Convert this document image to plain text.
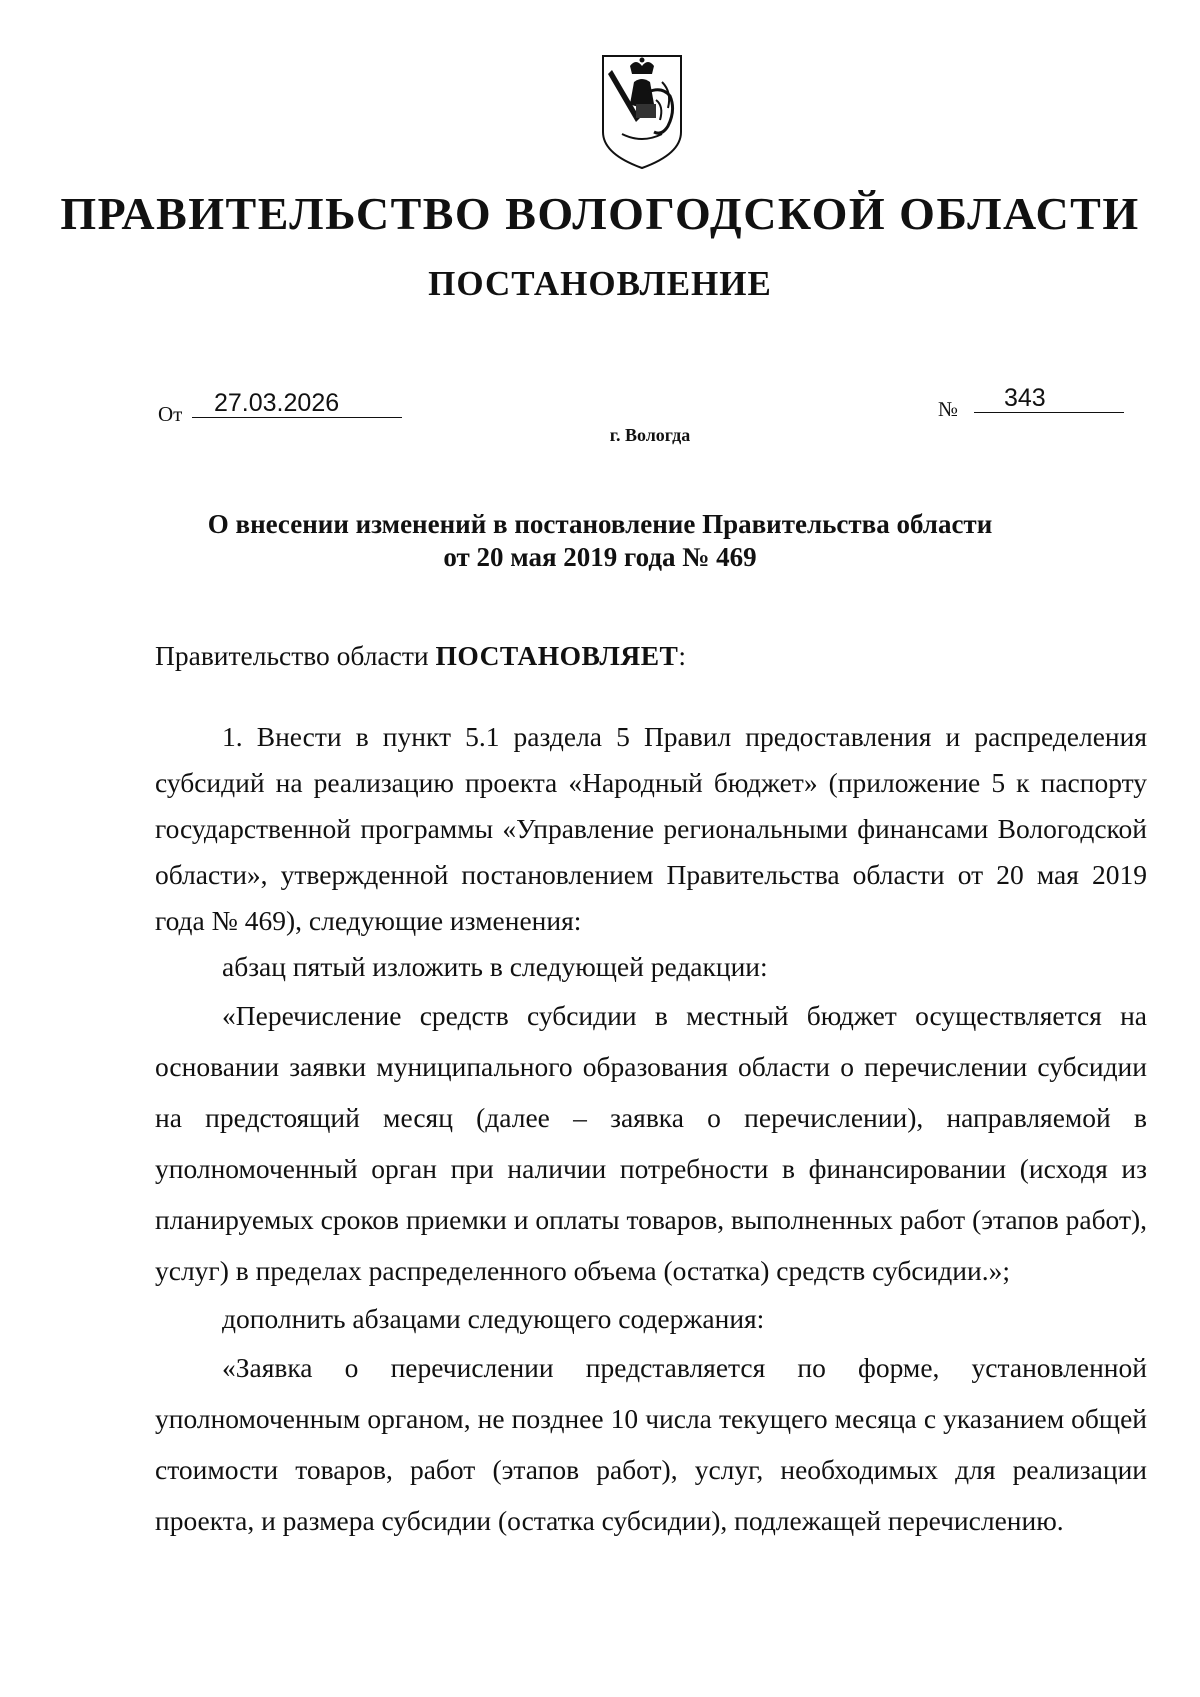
ПРАВИТЕЛЬСТВО ВОЛОГОДСКОЙ ОБЛАСТИ
ПОСТАНОВЛЕНИЕ
От	27.03.2026	№	343
г. Вологда
О внесении изменений в постановление Правительства области
от 20 мая 2019 года № 469

Правительство области ПОСТАНОВЛЯЕТ:

1. Внести в пункт 5.1 раздела 5 Правил предоставления и распределения субсидий на реализацию проекта «Народный бюджет» (приложение 5 к паспорту государственной программы «Управление региональными финансами Вологодской области», утвержденной постановлением Правительства области от 20 мая 2019 года № 469), следующие изменения:

абзац пятый изложить в следующей редакции:

«Перечисление средств субсидии в местный бюджет осуществляется на основании заявки муниципального образования области о перечислении субсидии на предстоящий месяц (далее – заявка о перечислении), направляемой в уполномоченный орган при наличии потребности в финансировании (исходя из планируемых сроков приемки и оплаты товаров, выполненных работ (этапов работ), услуг) в пределах распределенного объема (остатка) средств субсидии.»;

дополнить абзацами следующего содержания:

«Заявка о перечислении представляется по форме, установленной уполномоченным органом, не позднее 10 числа текущего месяца с указанием общей стоимости товаров, работ (этапов работ), услуг, необходимых для реализации проекта, и размера субсидии (остатка субсидии), подлежащей перечислению.
